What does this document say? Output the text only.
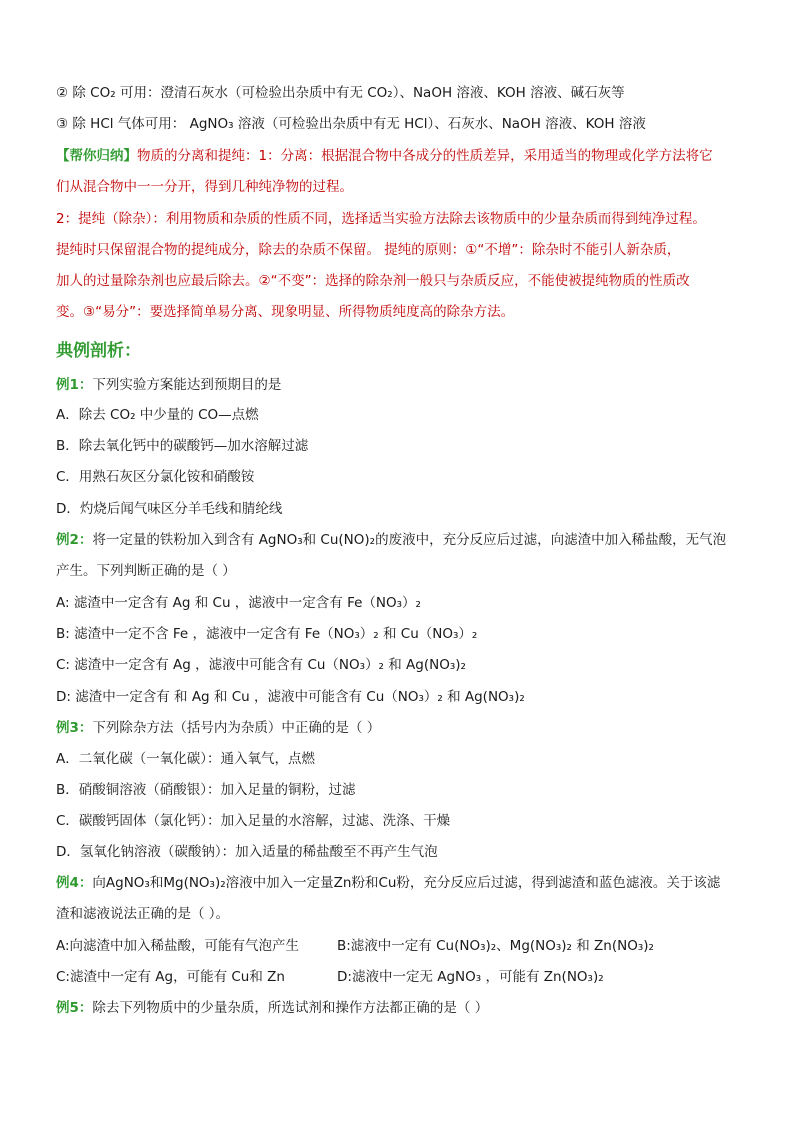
② 除 CO₂ 可用：澄清石灰水（可检验出杂质中有无 CO₂）、NaOH 溶液、KOH 溶液、碱石灰等
③ 除 HCl 气体可用： AgNO₃ 溶液（可检验出杂质中有无 HCl）、石灰水、NaOH 溶液、KOH 溶液
【帮你归纳】物质的分离和提纯：1：分离：根据混合物中各成分的性质差异，采用适当的物理或化学方法将它
们从混合物中一一分开，得到几种纯净物的过程。
2：提纯（除杂）：利用物质和杂质的性质不同，选择适当实验方法除去该物质中的少量杂质而得到纯净过程。
提纯时只保留混合物的提纯成分，除去的杂质不保留。 提纯的原则：①“不增”：除杂时不能引人新杂质，
加人的过量除杂剂也应最后除去。②“不变”：选择的除杂剂一般只与杂质反应，不能使被提纯物质的性质改
变。③“易分”：要选择简单易分离、现象明显、所得物质纯度高的除杂方法。
典例剖析：
例1：下列实验方案能达到预期目的是
A．除去 CO₂ 中少量的 CO—点燃
B．除去氧化钙中的碳酸钙—加水溶解过滤
C．用熟石灰区分氯化铵和硝酸铵
D．灼烧后闻气味区分羊毛线和腈纶线
例2：将一定量的铁粉加入到含有 AgNO₃和 Cu(NO)₂的废液中，充分反应后过滤，向滤渣中加入稀盐酸，无气泡
产生。下列判断正确的是（ ）
A: 滤渣中一定含有 Ag 和 Cu ，滤液中一定含有 Fe（NO₃）₂
B: 滤渣中一定不含 Fe ，滤液中一定含有 Fe（NO₃）₂ 和 Cu（NO₃）₂
C: 滤渣中一定含有 Ag ，滤液中可能含有 Cu（NO₃）₂ 和 Ag(NO₃)₂
D: 滤渣中一定含有 和 Ag 和 Cu ，滤液中可能含有 Cu（NO₃）₂ 和 Ag(NO₃)₂
例3：下列除杂方法（括号内为杂质）中正确的是（ ）
A．二氧化碳（一氧化碳）：通入氧气，点燃
B．硝酸铜溶液（硝酸银）：加入足量的铜粉，过滤
C．碳酸钙固体（氯化钙）：加入足量的水溶解，过滤、洗涤、干燥
D．氢氧化钠溶液（碳酸钠）：加入适量的稀盐酸至不再产生气泡
例4：向AgNO₃和Mg(NO₃)₂溶液中加入一定量Zn粉和Cu粉，充分反应后过滤，得到滤渣和蓝色滤液。关于该滤
渣和滤液说法正确的是（ ）。
A:向滤渣中加入稀盐酸，可能有气泡产生	B:滤液中一定有 Cu(NO₃)₂、Mg(NO₃)₂ 和 Zn(NO₃)₂
C:滤渣中一定有 Ag，可能有 Cu和 Zn	D:滤液中一定无 AgNO₃ ，可能有 Zn(NO₃)₂
例5：除去下列物质中的少量杂质，所选试剂和操作方法都正确的是（ ）
